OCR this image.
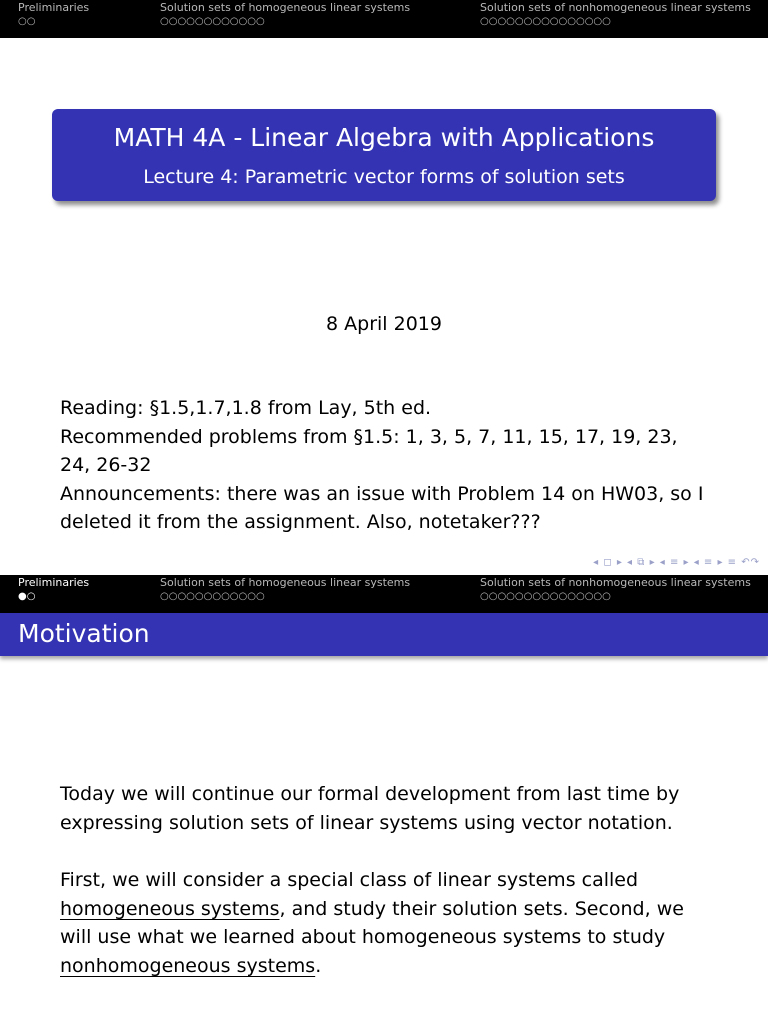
Preliminaries	Solution sets of homogeneous linear systems	Solution sets of nonhomogeneous linear systems
○○	○○○○○○○○○○○○	○○○○○○○○○○○○○○○
MATH 4A - Linear Algebra with Applications
Lecture 4: Parametric vector forms of solution sets
8 April 2019

Reading: §1.5,1.7,1.8 from Lay, 5th ed.

Recommended problems from §1.5: 1, 3, 5, 7, 11, 15, 17, 19, 23, 24, 26-32

Announcements: there was an issue with Problem 14 on HW03, so I deleted it from the assignment. Also, notetaker???

◂ ◻ ▸ ◂ ⧉ ▸ ◂ ≡ ▸ ◂ ≡ ▸ ≡ ↶↷
Preliminaries	Solution sets of homogeneous linear systems	Solution sets of nonhomogeneous linear systems
●○	○○○○○○○○○○○○	○○○○○○○○○○○○○○○
Motivation

Today we will continue our formal development from last time by expressing solution sets of linear systems using vector notation.

First, we will consider a special class of linear systems called homogeneous systems, and study their solution sets. Second, we will use what we learned about homogeneous systems to study nonhomogeneous systems.
